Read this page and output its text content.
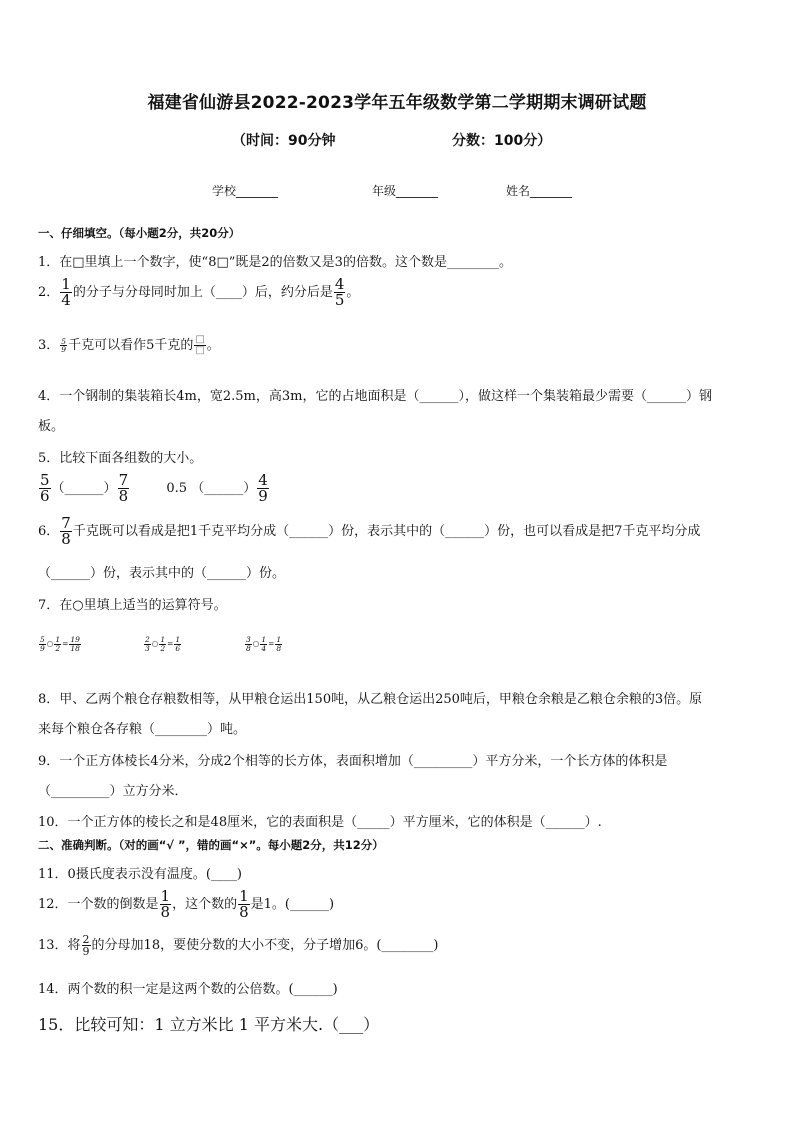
福建省仙游县2022-2023学年五年级数学第二学期期末调研试题
（时间：90分钟	分数：100分）
学校_______	年级_______	姓名_______
一、仔细填空。（每小题2分，共20分）
1．在□里填上一个数字，使“8□”既是2的倍数又是3的倍数。这个数是________。
2． $\frac{1}{4}$ 的分子与分母同时加上（____）后，约分后是 $\frac{4}{5}$ 。
3． $\frac{5}{9}$ 千克可以看作5千克的 $\frac{□}{□}$ 。
4．一个钢制的集装箱长4m，宽2.5m，高3m，它的占地面积是（______），做这样一个集装箱最少需要（______）钢
板。
5．比较下面各组数的大小。
$\frac{5}{6}$ （______） $\frac{7}{8}$	0.5 （______） $\frac{4}{9}$
6． $\frac{7}{8}$ 千克既可以看成是把1千克平均分成（______）份，表示其中的（______）份，也可以看成是把7千克平均分成
（______）份，表示其中的（______）份。
7．在○里填上适当的运算符号。
$\frac{5}{9}$ ○ $\frac{1}{2} = \frac{19}{18}$	$\frac{2}{3}$ ○ $\frac{1}{2} = \frac{1}{6}$	$\frac{3}{8}$ ○ $\frac{1}{4} = \frac{1}{8}$
8．甲、乙两个粮仓存粮数相等，从甲粮仓运出150吨，从乙粮仓运出250吨后，甲粮仓余粮是乙粮仓余粮的3倍。原
来每个粮仓各存粮（________）吨。
9．一个正方体棱长4分米，分成2个相等的长方体，表面积增加（_________）平方分米，一个长方体的体积是
（_________）立方分米．
10．一个正方体的棱长之和是48厘米，它的表面积是（_____）平方厘米，它的体积是（______）.
二、准确判断。（对的画“√ ”，错的画“×”。每小题2分，共12分）
11．0摄氏度表示没有温度。(____)
12．一个数的倒数是 $\frac{1}{8}$ ，这个数的 $\frac{1}{8}$ 是1。(______)
13．将 $\frac{2}{9}$ 的分母加18，要使分数的大小不变，分子增加6。(________)
14．两个数的积一定是这两个数的公倍数。(______)
15．比较可知：1 立方米比 1 平方米大.（___）
